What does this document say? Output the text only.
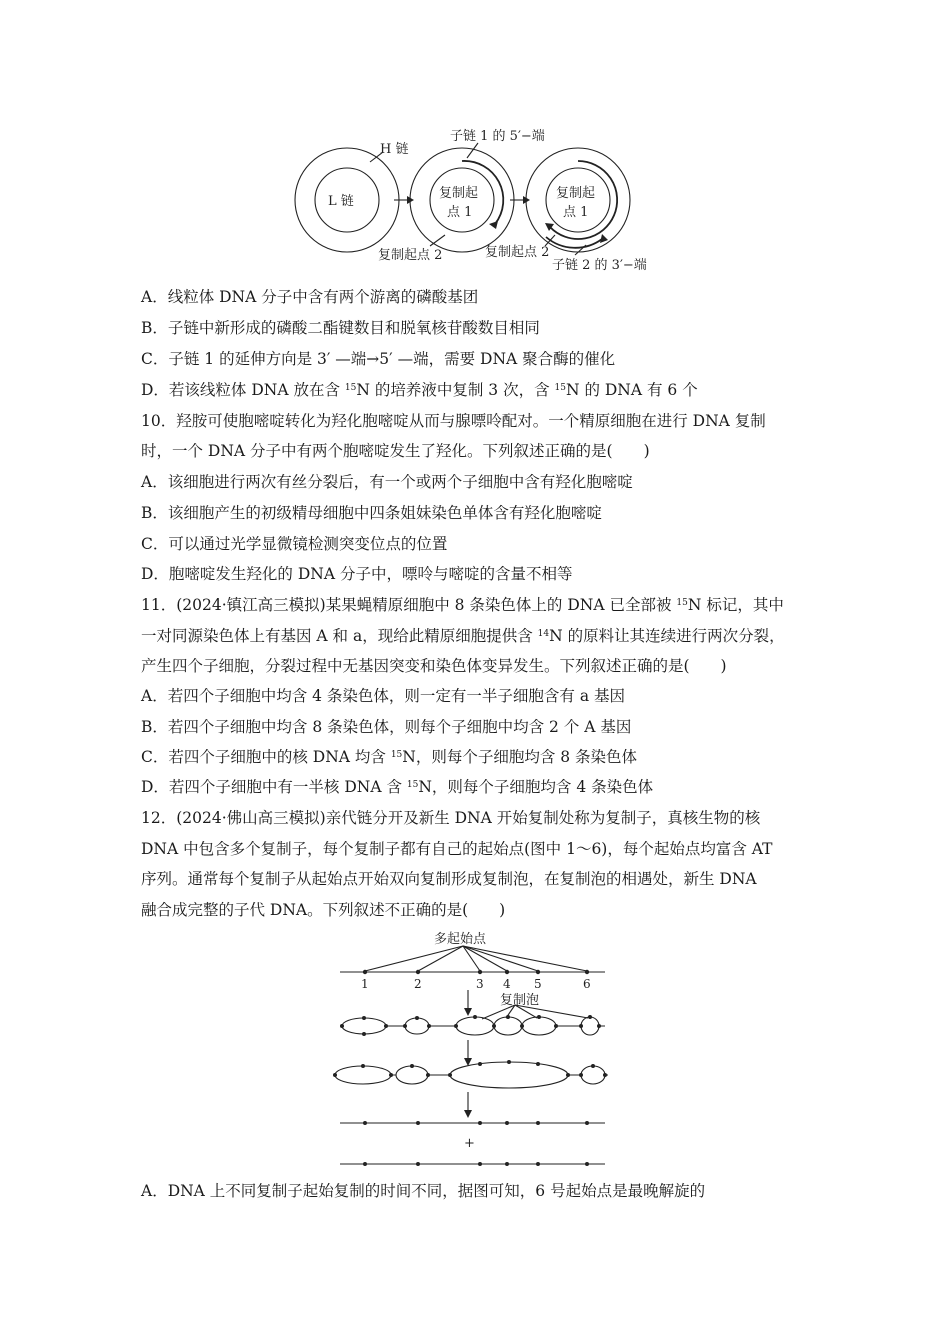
H 链
L 链
复制起
点 1
复制起
点 1
子链 1 的 5′−端
复制起点 2	复制起点 2
子链 2 的 3′−端
A．线粒体 DNA 分子中含有两个游离的磷酸基团
B．子链中新形成的磷酸二酯键数目和脱氧核苷酸数目相同
C．子链 1 的延伸方向是 3′ —端→5′ —端，需要 DNA 聚合酶的催化
D．若该线粒体 DNA 放在含 $^{15}$N 的培养液中复制 3 次，含 $^{15}$N 的 DNA 有 6 个
10．羟胺可使胞嘧啶转化为羟化胞嘧啶从而与腺嘌呤配对。一个精原细胞在进行 DNA 复制
时，一个 DNA 分子中有两个胞嘧啶发生了羟化。下列叙述正确的是(　　)
A．该细胞进行两次有丝分裂后，有一个或两个子细胞中含有羟化胞嘧啶
B．该细胞产生的初级精母细胞中四条姐妹染色单体含有羟化胞嘧啶
C．可以通过光学显微镜检测突变位点的位置
D．胞嘧啶发生羟化的 DNA 分子中，嘌呤与嘧啶的含量不相等
11．(2024·镇江高三模拟)某果蝇精原细胞中 8 条染色体上的 DNA 已全部被 $^{15}$N 标记，其中
一对同源染色体上有基因 A 和 a，现给此精原细胞提供含 $^{14}$N 的原料让其连续进行两次分裂，
产生四个子细胞，分裂过程中无基因突变和染色体变异发生。下列叙述正确的是(　　)
A．若四个子细胞中均含 4 条染色体，则一定有一半子细胞含有 a 基因
B．若四个子细胞中均含 8 条染色体，则每个子细胞中均含 2 个 A 基因
C．若四个子细胞中的核 DNA 均含 $^{15}$N，则每个子细胞均含 8 条染色体
D．若四个子细胞中有一半核 DNA 含 $^{15}$N，则每个子细胞均含 4 条染色体
12．(2024·佛山高三模拟)亲代链分开及新生 DNA 开始复制处称为复制子，真核生物的核
DNA 中包含多个复制子，每个复制子都有自己的起始点(图中 1～6)，每个起始点均富含 AT
序列。通常每个复制子从起始点开始双向复制形成复制泡，在复制泡的相遇处，新生 DNA
融合成完整的子代 DNA。下列叙述不正确的是(　　)
多起始点
1	2	3 4 5	6
复制泡
+
A．DNA 上不同复制子起始复制的时间不同，据图可知，6 号起始点是最晚解旋的
